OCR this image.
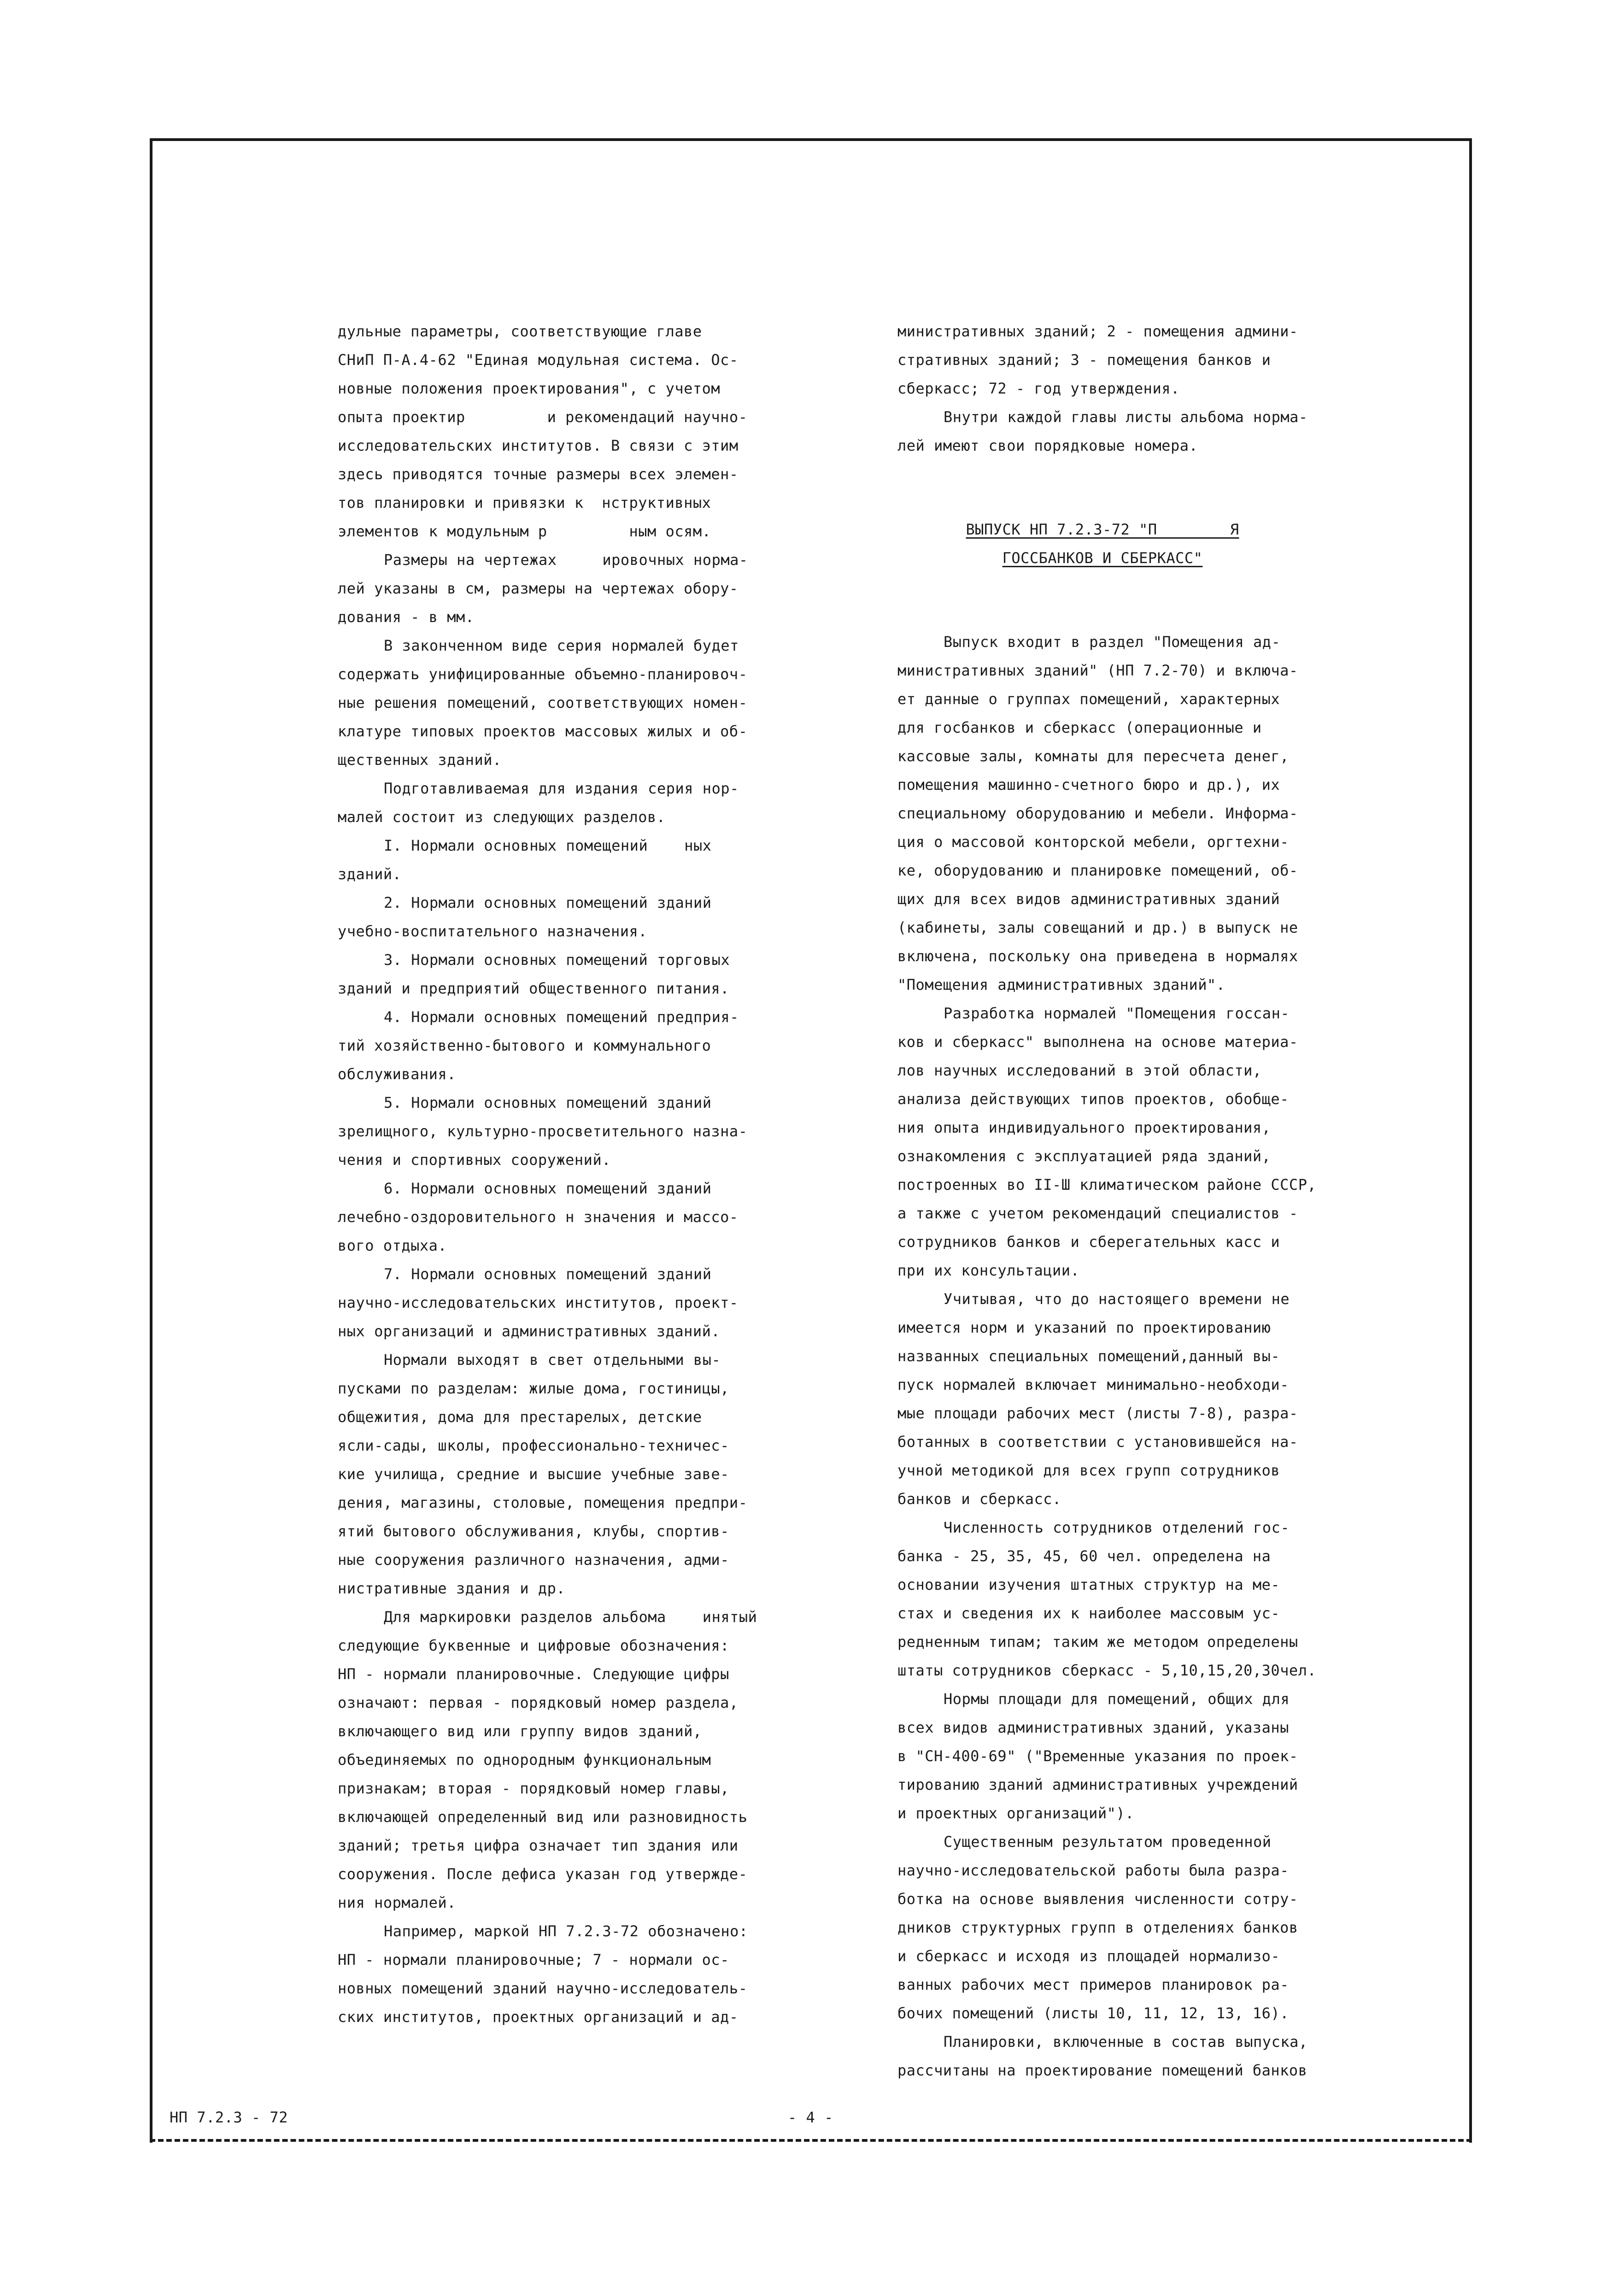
дульные параметры, соответствующие главе
СНиП П-А.4-62 "Единая модульная система. Ос-
новные положения проектирования", с учетом
опыта проектир         и рекомендаций научно-
исследовательских институтов. В связи с этим
здесь приводятся точные размеры всех элемен-
тов планировки и привязки к  нструктивных
элементов к модульным р         ным осям.
Размеры на чертежах     ировочных нормa-
лей указаны в см, размеры на чертежах обору-
дования - в мм.
В законченном виде серия нормалей будет
содержать унифицированные объемно-планировоч-
ные решения помещений, соответствующих номен-
клатуре типовых проектов массовых жилых и об-
щественных зданий.
Подготавливаемая для издания серия нор-
малей состоит из следующих разделов.
I. Нормали основных помещений    ных
зданий.
2. Нормали основных помещений зданий
учебно-воспитательного назначения.
3. Нормали основных помещений торговых
зданий и предприятий общественного питания.
4. Нормали основных помещений предприя-
тий хозяйственно-бытового и коммунального
обслуживания.
5. Нормали основных помещений зданий
зрелищного, культурно-просветительного назна-
чения и спортивных сооружений.
6. Нормали основных помещений зданий
лечебно-оздоровительного н значения и массо-
вого отдыха.
7. Нормали основных помещений зданий
научно-исследовательских институтов, проект-
ных организаций и административных зданий.
Нормали выходят в свет отдельными вы-
пусками по разделам: жилые дома, гостиницы,
общежития, дома для престарелых, детские
ясли-сады, школы, профессионально-техничес-
кие училища, средние и высшие учебные заве-
дения, магазины, столовые, помещения предпри-
ятий бытового обслуживания, клубы, спортив-
ные сооружения различного назначения, адми-
нистративные здания и др.
Для маркировки разделов альбома    инятый
следующие буквенные и цифровые обозначения:
НП - нормали планировочные. Следующие цифры
означают: первая - порядковый номер раздела,
включающего вид или группу видов зданий,
объединяемых по однородным функциональным
признакам; вторая - порядковый номер главы,
включающей определенный вид или разновидность
зданий; третья цифра означает тип здания или
сооружения. После дефиса указан год утвержде-
ния нормалей.
Например, маркой НП 7.2.3-72 обозначено:
НП - нормали планировочные; 7 - нормали ос-
новных помещений зданий научно-исследователь-
ских институтов, проектных организаций и ад-
министративных зданий; 2 - помещения админи-
стративных зданий; 3 - помещения банков и
сберкасс; 72 - год утверждения.
Внутри каждой главы листы альбома норма-
лей имеют свои порядковые номера.
ВЫПУСК НП 7.2.3-72 "П        Я
ГОССБАНКОВ И СБЕРКАСС"
Выпуск входит в раздел "Помещения ад-
министративных зданий" (НП 7.2-70) и включа-
ет данные о группах помещений, характерных
для госбанков и сберкасс (операционные и
кассовые залы, комнаты для пересчета денег,
помещения машинно-счетного бюро и др.), их
специальному оборудованию и мебели. Информа-
ция о массовой конторской мебели, оргтехни-
ке, оборудованию и планировке помещений, об-
щих для всех видов административных зданий
(кабинеты, залы совещаний и др.) в выпуск не
включена, поскольку она приведена в нормалях
"Помещения административных зданий".
Разработка нормалей "Помещения госсан-
ков и сберкасс" выполнена на основе материа-
лов научных исследований в этой области,
анализа действующих типов проектов, обобще-
ния опыта индивидуального проектирования,
ознакомления с эксплуатацией ряда зданий,
построенных во II-Ш климатическом районе СССР,
а также с учетом рекомендаций специалистов -
сотрудников банков и сберегательных касс и
при их консультации.
Учитывая, что до настоящего времени не
имеется норм и указаний по проектированию
названных специальных помещений,данный вы-
пуск нормалей включает минимально-необходи-
мые площади рабочих мест (листы 7-8), разра-
ботанных в соответствии с установившейся на-
учной методикой для всех групп сотрудников
банков и сберкасс.
Численность сотрудников отделений гос-
банка - 25, 35, 45, 60 чел. определена на
основании изучения штатных структур на ме-
стах и сведения их к наиболее массовым ус-
редненным типам; таким же методом определены
штаты сотрудников сберкасс - 5,10,15,20,30чел.
Нормы площади для помещений, общих для
всех видов административных зданий, указаны
в "СН-400-69" ("Временные указания по проек-
тированию зданий административных учреждений
и проектных организаций").
Существенным результатом проведенной
научно-исследовательской работы была разра-
ботка на основе выявления численности сотру-
дников структурных групп в отделениях банков
и сберкасс и исходя из площадей нормализо-
ванных рабочих мест примеров планировок ра-
бочих помещений (листы 10, 11, 12, 13, 16).
Планировки, включенные в состав выпуска,
рассчитаны на проектирование помещений банков
НП 7.2.3 - 72	- 4 -
